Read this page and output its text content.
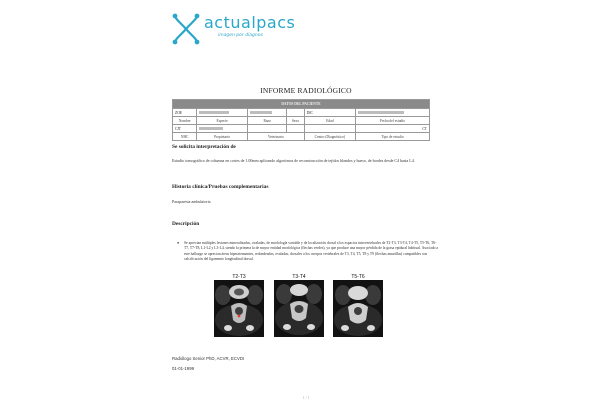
actualpacs
imagen por diagnos
INFORME RADIOLÓGICO
DATOS DEL PACIENTE					
ZOE				DIC	
Nombre	Especie	Raza	Sexo	Edad	Fecha del estudio
CJT					CT
NHC	Propietario	Veterinario		Centro (Diagnóstico)	Tipo de estudio
Se solicita interpretación de
Estudio tomográfico de columna en cortes de 1.00mm aplicando algoritmos de reconstrucción de tejidos blandos y hueso, de bordes desde C4 hasta L4.
Historia clínica/Pruebas complementarias
Paraparesia ambulatoria
Descripción
● Se aprecian múltiples lesiones mineralizadas, ovaladas, de morfología variable y de localización dorsal a los espacios intervertebrales de T2-T3, T3-T4, T4-T5, T5-T6, T6-T7, T7-T8, L1-L2 y L3-L4, siendo la primera la de mayor entidad morfológica (flechas verdes), ya que produce una mayor pérdida de la grasa epidural habitual. Asociado a este hallazgo se aprecian áreas hiperatenuantes, redondeadas, ovaladas, dorsales a los cuerpos vertebrales de T3, T4, T5, T8 y T9 (flechas amarillas) compatibles con calcificación del ligamento longitudinal dorsal.
T2-T3	T3-T4	T5-T6
Radiólogo Senior PhD, ACVR, ECVDI
01-01-1999
1 / 1
